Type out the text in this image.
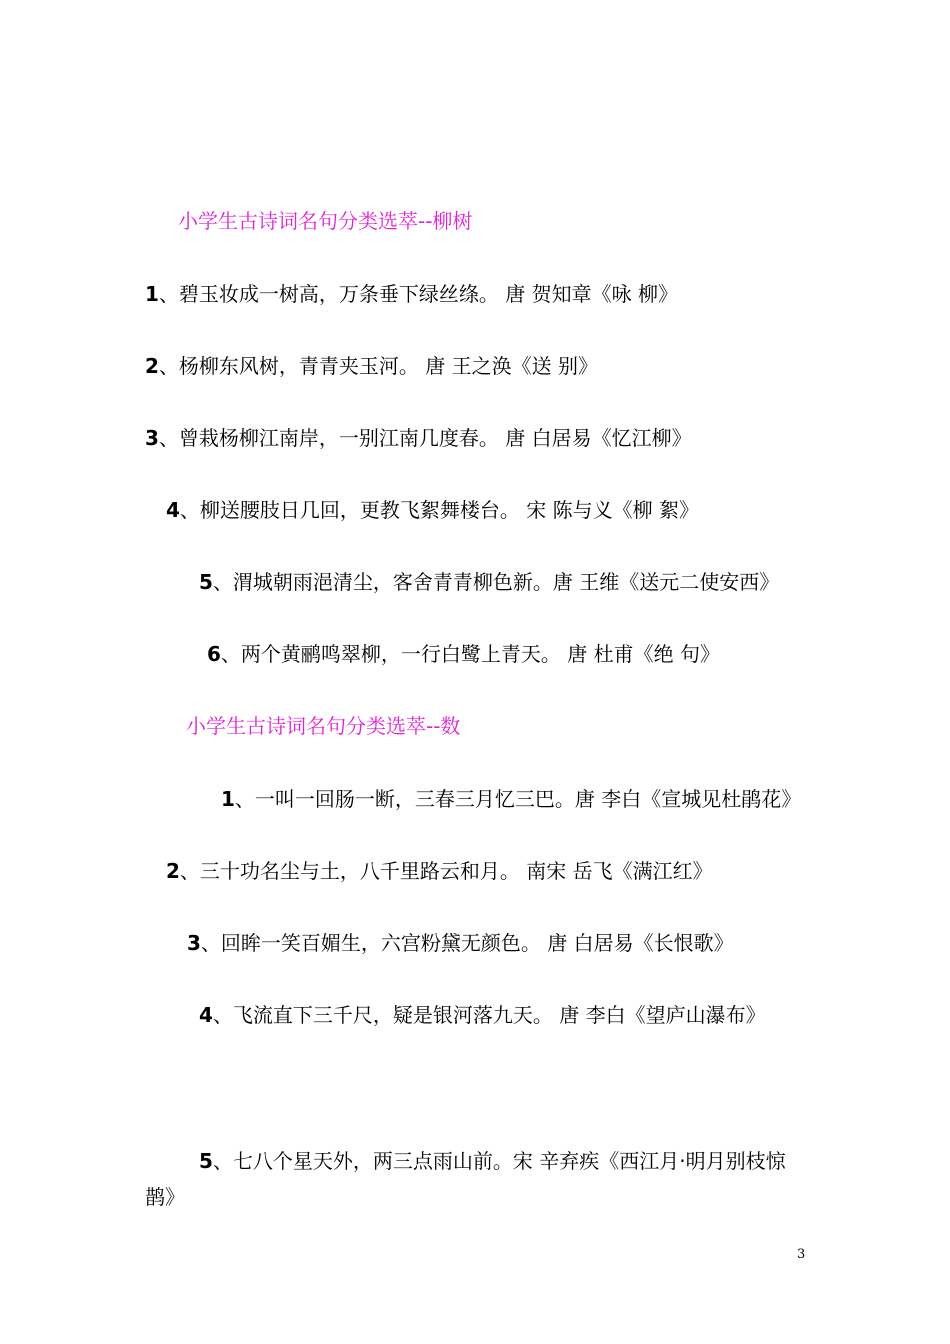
小学生古诗词名句分类选萃--柳树
1、碧玉妆成一树高，万条垂下绿丝绦。 唐 贺知章《咏 柳》
2、杨柳东风树，青青夹玉河。 唐 王之涣《送 别》
3、曾栽杨柳江南岸，一别江南几度春。 唐 白居易《忆江柳》
4、柳送腰肢日几回，更教飞絮舞楼台。 宋 陈与义《柳 絮》
5、渭城朝雨浥清尘，客舍青青柳色新。唐 王维《送元二使安西》
6、两个黄鹂鸣翠柳，一行白鹭上青天。 唐 杜甫《绝 句》
小学生古诗词名句分类选萃--数
1、一叫一回肠一断，三春三月忆三巴。唐 李白《宣城见杜鹃花》
2、三十功名尘与土，八千里路云和月。 南宋 岳飞《满江红》
3、回眸一笑百媚生，六宫粉黛无颜色。 唐 白居易《长恨歌》
4、飞流直下三千尺，疑是银河落九天。 唐 李白《望庐山瀑布》
5、七八个星天外，两三点雨山前。宋 辛弃疾《西江月·明月别枝惊鹊》
3
